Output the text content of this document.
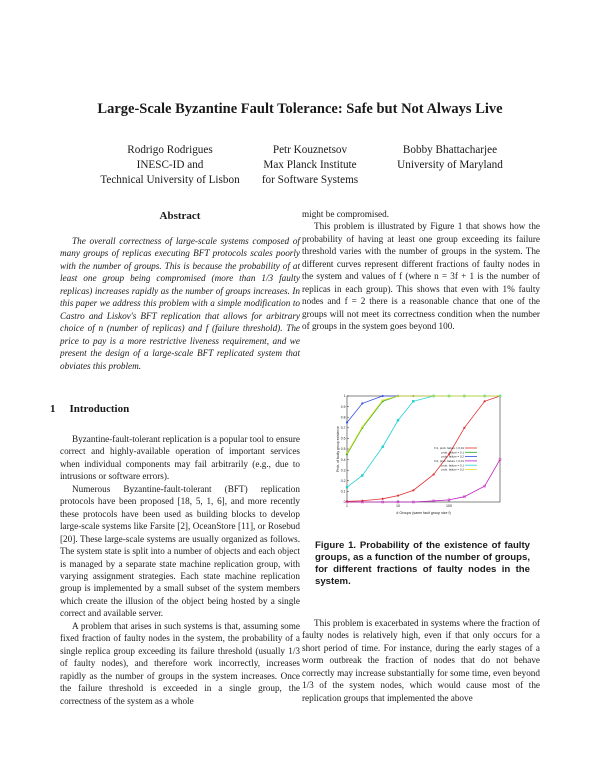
Large-Scale Byzantine Fault Tolerance: Safe but Not Always Live
Rodrigo Rodrigues
INESC-ID and
Technical University of Lisbon
Petr Kouznetsov
Max Planck Institute
for Software Systems
Bobby Bhattacharjee
University of Maryland
Abstract

The overall correctness of large-scale systems composed of many groups of replicas executing BFT protocols scales poorly with the number of groups. This is because the probability of at least one group being compromised (more than 1/3 faulty replicas) increases rapidly as the number of groups increases. In this paper we address this problem with a simple modification to Castro and Liskov's BFT replication that allows for arbitrary choice of n (number of replicas) and f (failure threshold). The price to pay is a more restrictive liveness requirement, and we present the design of a large-scale BFT replicated system that obviates this problem.

1 Introduction

Byzantine-fault-tolerant replication is a popular tool to ensure correct and highly-available operation of important services when individual components may fail arbitrarily (e.g., due to intrusions or software errors).

Numerous Byzantine-fault-tolerant (BFT) replication protocols have been proposed [18, 5, 1, 6], and more recently these protocols have been used as building blocks to develop large-scale systems like Farsite [2], OceanStore [11], or Rosebud [20]. These large-scale systems are usually organized as follows. The system state is split into a number of objects and each object is managed by a separate state machine replication group, with varying assignment strategies. Each state machine replication group is implemented by a small subset of the system members which create the illusion of the object being hosted by a single correct and available server.

A problem that arises in such systems is that, assuming some fixed fraction of faulty nodes in the system, the probability of a single replica group exceeding its failure threshold (usually 1/3 of faulty nodes), and therefore work incorrectly, increases rapidly as the number of groups in the system increases. Once the failure threshold is exceeded in a single group, the correctness of the system as a whole

might be compromised.

This problem is illustrated by Figure 1 that shows how the probability of having at least one group exceeding its failure threshold varies with the number of groups in the system. The different curves represent different fractions of faulty nodes in the system and values of f (where n = 3f + 1 is the number of replicas in each group). This shows that even with 1% faulty nodes and f = 2 there is a reasonable chance that one of the groups will not meet its correctness condition when the number of groups in the system goes beyond 100.

0
0.1
0.2
0.3
0.4
0.5
0.6
0.7
0.8
0.9
1
1	10	100
# Groups (same fault group size f)
Prob. of faulty group existence	f=1, prob. failure = 0.01
prob. failure = 0.1
prob. failure = 0.2
f=2, prob. failure = 0.01
prob. failure = 0.1
prob. failure = 0.2

Figure 1. Probability of the existence of faulty groups, as a function of the number of groups, for different fractions of faulty nodes in the system.

This problem is exacerbated in systems where the fraction of faulty nodes is relatively high, even if that only occurs for a short period of time. For instance, during the early stages of a worm outbreak the fraction of nodes that do not behave correctly may increase substantially for some time, even beyond 1/3 of the system nodes, which would cause most of the replication groups that implemented the above
